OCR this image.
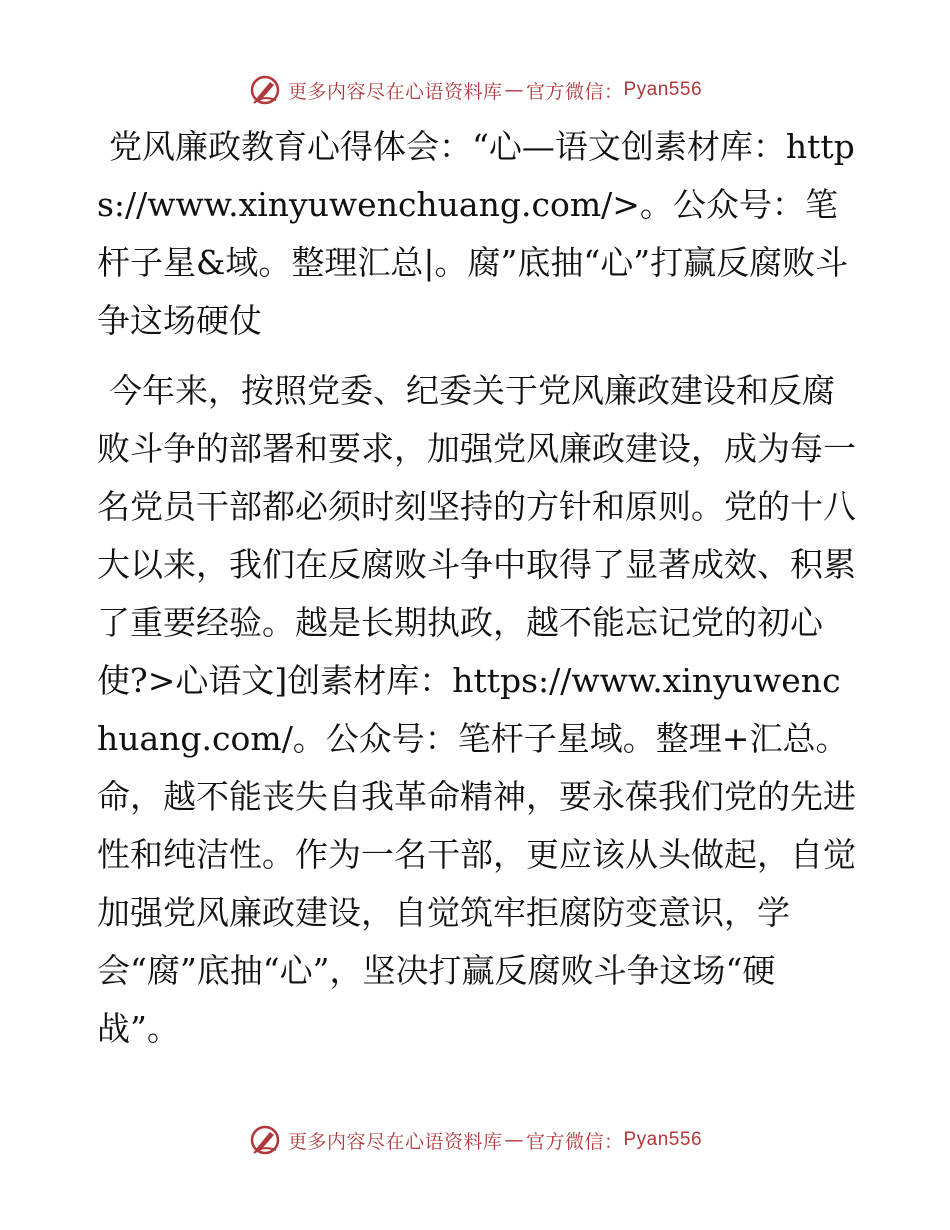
更多内容尽在心语资料库 — 官方微信： Pyan556

党风廉政教育心得体会：“心—语文创素材库：https://www.xinyuwenchuang.com/>。公众号：笔杆子星&域。整理汇总|。腐”底抽“心”打赢反腐败斗争这场硬仗

今年来，按照党委、纪委关于党风廉政建设和反腐败斗争的部署和要求，加强党风廉政建设，成为每一名党员干部都必须时刻坚持的方针和原则。党的十八大以来，我们在反腐败斗争中取得了显著成效、积累了重要经验。越是长期执政，越不能忘记党的初心使?>心语文]创素材库：https://www.xinyuwenchuang.com/。公众号：笔杆子星域。整理+汇总。命，越不能丧失自我革命精神，要永葆我们党的先进性和纯洁性。作为一名干部，更应该从头做起，自觉加强党风廉政建设，自觉筑牢拒腐防变意识，学会“腐”底抽“心”，坚决打赢反腐败斗争这场“硬战”。

更多内容尽在心语资料库 — 官方微信： Pyan556
